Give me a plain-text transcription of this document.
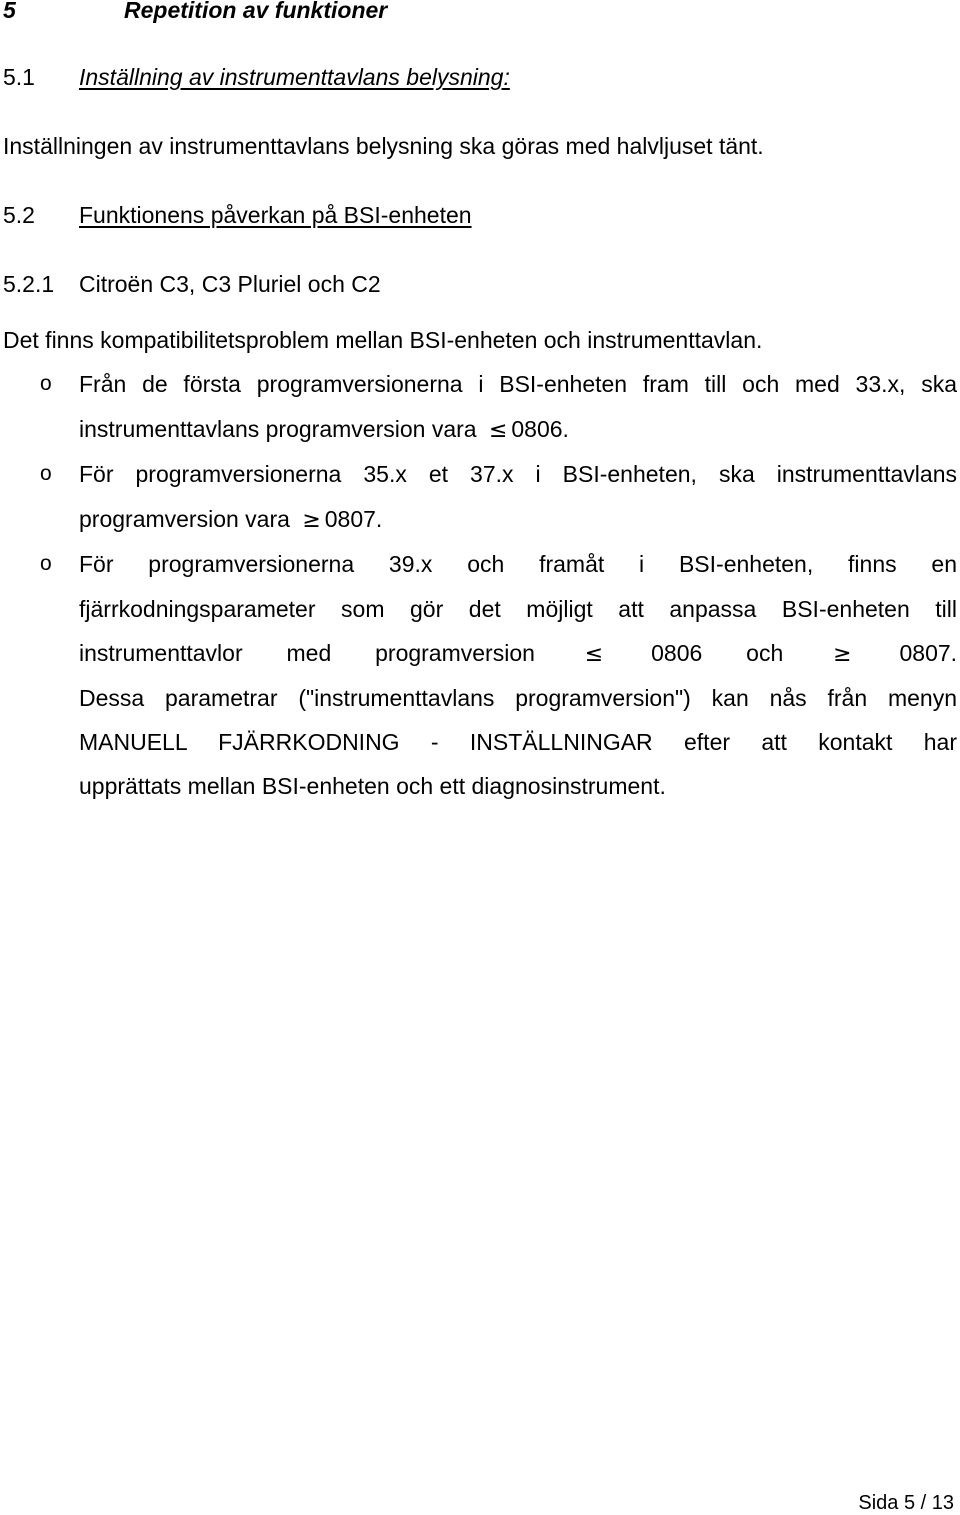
5	Repetition av funktioner
5.1 Inställning av instrumenttavlans belysning:
Inställningen av instrumenttavlans belysning ska göras med halvljuset tänt.
5.2 Funktionens påverkan på BSI-enheten
5.2.1 Citroën C3, C3 Pluriel och C2
Det finns kompatibilitetsproblem mellan BSI-enheten och instrumenttavlan.
o Från de första programversionerna i BSI-enheten fram till och med 33.x, ska
instrumenttavlans programversion vara ≤ 0806.
o För programversionerna 35.x et 37.x i BSI-enheten, ska instrumenttavlans
programversion vara ≥ 0807.
o För programversionerna 39.x och framåt i BSI-enheten, finns en
fjärrkodningsparameter som gör det möjligt att anpassa BSI-enheten till
instrumenttavlor med programversion ≤ 0806 och ≥ 0807.
Dessa parametrar ("instrumenttavlans programversion") kan nås från menyn
MANUELL FJÄRRKODNING - INSTÄLLNINGAR efter att kontakt har
upprättats mellan BSI-enheten och ett diagnosinstrument.
Sida 5 / 13
